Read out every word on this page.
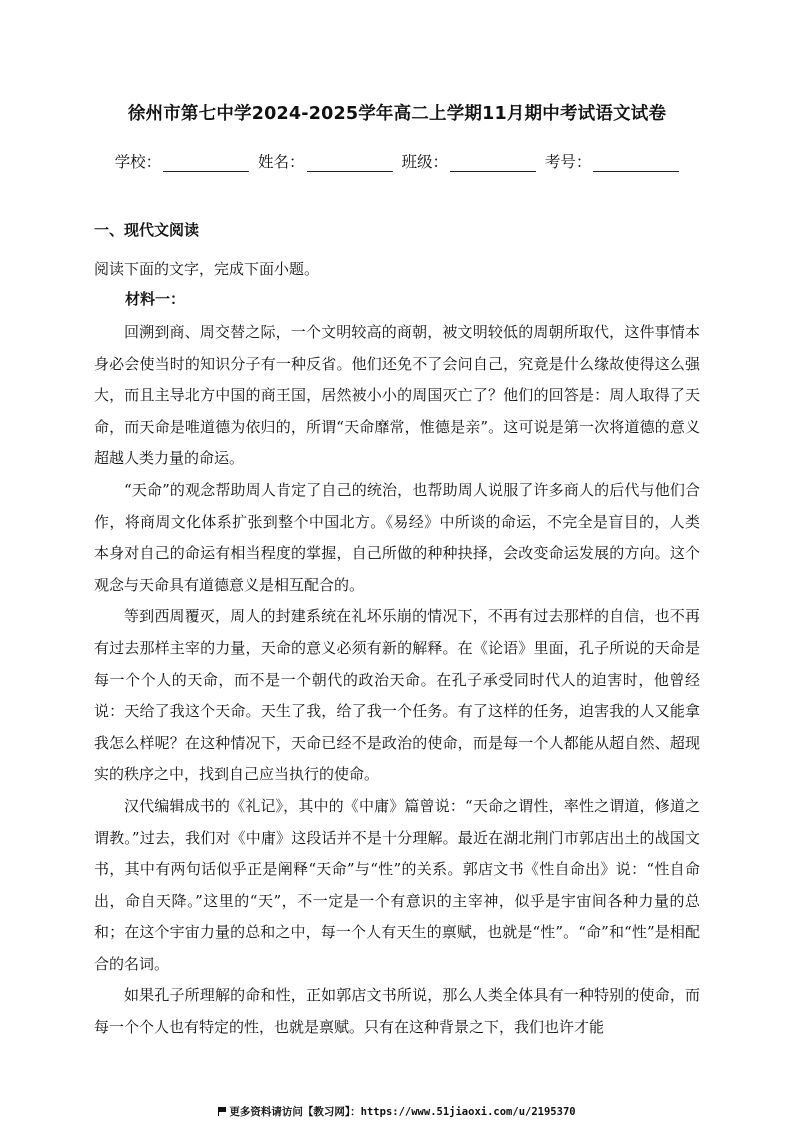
徐州市第七中学2024-2025学年高二上学期11月期中考试语文试卷
学校：	姓名：	班级：	考号：
一、现代文阅读
阅读下面的文字，完成下面小题。
材料一：

回溯到商、周交替之际，一个文明较高的商朝，被文明较低的周朝所取代，这件事情本身必会使当时的知识分子有一种反省。他们还免不了会问自己，究竟是什么缘故使得这么强大，而且主导北方中国的商王国，居然被小小的周国灭亡了？他们的回答是：周人取得了天命，而天命是唯道德为依归的，所谓“天命靡常，惟德是亲”。这可说是第一次将道德的意义超越人类力量的命运。

“天命”的观念帮助周人肯定了自己的统治，也帮助周人说服了许多商人的后代与他们合作，将商周文化体系扩张到整个中国北方。《易经》中所谈的命运，不完全是盲目的，人类本身对自己的命运有相当程度的掌握，自己所做的种种抉择，会改变命运发展的方向。这个观念与天命具有道德意义是相互配合的。

等到西周覆灭，周人的封建系统在礼坏乐崩的情况下，不再有过去那样的自信，也不再有过去那样主宰的力量，天命的意义必须有新的解释。在《论语》里面，孔子所说的天命是每一个个人的天命，而不是一个朝代的政治天命。在孔子承受同时代人的迫害时，他曾经说：天给了我这个天命。天生了我，给了我一个任务。有了这样的任务，迫害我的人又能拿我怎么样呢？在这种情况下，天命已经不是政治的使命，而是每一个人都能从超自然、超现实的秩序之中，找到自己应当执行的使命。

汉代编辑成书的《礼记》，其中的《中庸》篇曾说：“天命之谓性，率性之谓道，修道之谓教。”过去，我们对《中庸》这段话并不是十分理解。最近在湖北荆门市郭店出土的战国文书，其中有两句话似乎正是阐释“天命”与“性”的关系。郭店文书《性自命出》说：“性自命出，命自天降。”这里的“天”，不一定是一个有意识的主宰神，似乎是宇宙间各种力量的总和；在这个宇宙力量的总和之中，每一个人有天生的禀赋，也就是“性”。“命”和“性”是相配合的名词。

如果孔子所理解的命和性，正如郭店文书所说，那么人类全体具有一种特别的使命，而每一个个人也有特定的性，也就是禀赋。只有在这种背景之下，我们也许才能

更多资料请访问【教习网】：https://www.51jiaoxi.com/u/2195370
